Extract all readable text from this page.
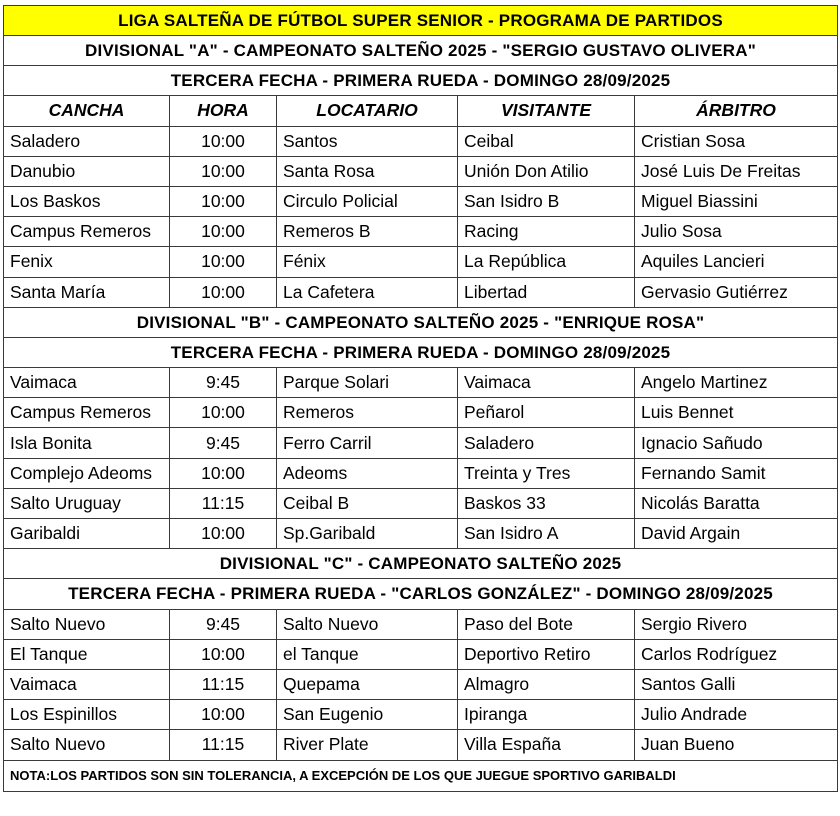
LIGA SALTEÑA DE FÚTBOL SUPER SENIOR - PROGRAMA DE PARTIDOS				
DIVISIONAL "A" - CAMPEONATO SALTEÑO 2025 - "SERGIO GUSTAVO OLIVERA"				
TERCERA FECHA - PRIMERA RUEDA - DOMINGO 28/09/2025				
CANCHA	HORA	LOCATARIO	VISITANTE	ÁRBITRO
Saladero	10:00	Santos	Ceibal	Cristian Sosa
Danubio	10:00	Santa Rosa	Unión Don Atilio	José Luis De Freitas
Los Baskos	10:00	Circulo Policial	San Isidro B	Miguel Biassini
Campus Remeros	10:00	Remeros B	Racing	Julio Sosa
Fenix	10:00	Fénix	La República	Aquiles Lancieri
Santa María	10:00	La Cafetera	Libertad	Gervasio Gutiérrez
DIVISIONAL "B" - CAMPEONATO SALTEÑO 2025 - "ENRIQUE ROSA"				
TERCERA FECHA - PRIMERA RUEDA - DOMINGO 28/09/2025				
Vaimaca	9:45	Parque Solari	Vaimaca	Angelo Martinez
Campus Remeros	10:00	Remeros	Peñarol	Luis Bennet
Isla Bonita	9:45	Ferro Carril	Saladero	Ignacio Sañudo
Complejo Adeoms	10:00	Adeoms	Treinta y Tres	Fernando Samit
Salto Uruguay	11:15	Ceibal B	Baskos 33	Nicolás Baratta
Garibaldi	10:00	Sp.Garibald	San Isidro A	David Argain
DIVISIONAL "C" - CAMPEONATO SALTEÑO 2025				
TERCERA FECHA - PRIMERA RUEDA - "CARLOS GONZÁLEZ" - DOMINGO 28/09/2025				
Salto Nuevo	9:45	Salto Nuevo	Paso del Bote	Sergio Rivero
El Tanque	10:00	el Tanque	Deportivo Retiro	Carlos Rodríguez
Vaimaca	11:15	Quepama	Almagro	Santos Galli
Los Espinillos	10:00	San Eugenio	Ipiranga	Julio Andrade
Salto Nuevo	11:15	River Plate	Villa España	Juan Bueno
NOTA:LOS PARTIDOS SON SIN TOLERANCIA, A EXCEPCIÓN DE LOS QUE JUEGUE SPORTIVO GARIBALDI				
